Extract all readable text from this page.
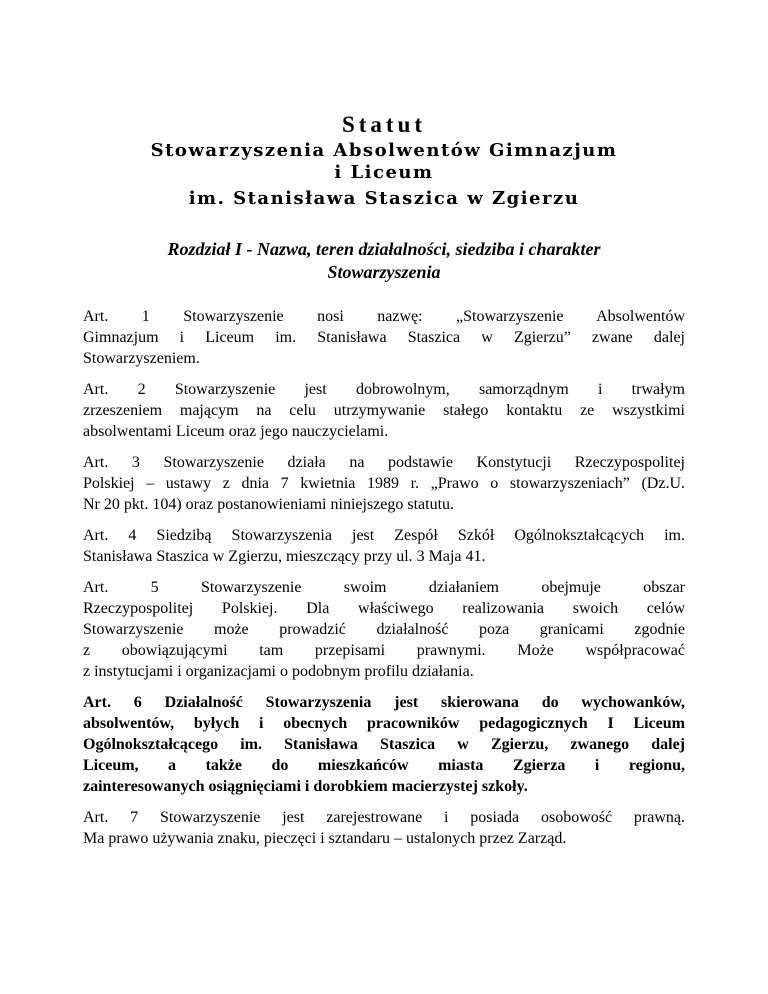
Statut
Stowarzyszenia Absolwentów Gimnazjum
i Liceum
im. Stanisława Staszica w Zgierzu
Rozdział I - Nazwa, teren działalności, siedziba i charakter
Stowarzyszenia
Art. 1 Stowarzyszenie nosi nazwę: „Stowarzyszenie Absolwentów
Gimnazjum i Liceum im. Stanisława Staszica w Zgierzu” zwane dalej
Stowarzyszeniem.
Art. 2 Stowarzyszenie jest dobrowolnym, samorządnym i trwałym
zrzeszeniem mającym na celu utrzymywanie stałego kontaktu ze wszystkimi
absolwentami Liceum oraz jego nauczycielami.
Art. 3 Stowarzyszenie działa na podstawie Konstytucji Rzeczypospolitej
Polskiej – ustawy z dnia 7 kwietnia 1989 r. „Prawo o stowarzyszeniach” (Dz.U.
Nr 20 pkt. 104) oraz postanowieniami niniejszego statutu.
Art. 4 Siedzibą Stowarzyszenia jest Zespół Szkół Ogólnokształcących im.
Stanisława Staszica w Zgierzu, mieszczący przy ul. 3 Maja 41.
Art. 5 Stowarzyszenie swoim działaniem obejmuje obszar
Rzeczypospolitej Polskiej. Dla właściwego realizowania swoich celów
Stowarzyszenie może prowadzić działalność poza granicami zgodnie
z obowiązującymi tam przepisami prawnymi. Może współpracować
z instytucjami i organizacjami o podobnym profilu działania.
Art. 6 Działalność Stowarzyszenia jest skierowana do wychowanków,
absolwentów, byłych i obecnych pracowników pedagogicznych I Liceum
Ogólnokształcącego im. Stanisława Staszica w Zgierzu, zwanego dalej
Liceum, a także do mieszkańców miasta Zgierza i regionu,
zainteresowanych osiągnięciami i dorobkiem macierzystej szkoły.
Art. 7 Stowarzyszenie jest zarejestrowane i posiada osobowość prawną.
Ma prawo używania znaku, pieczęci i sztandaru – ustalonych przez Zarząd.
